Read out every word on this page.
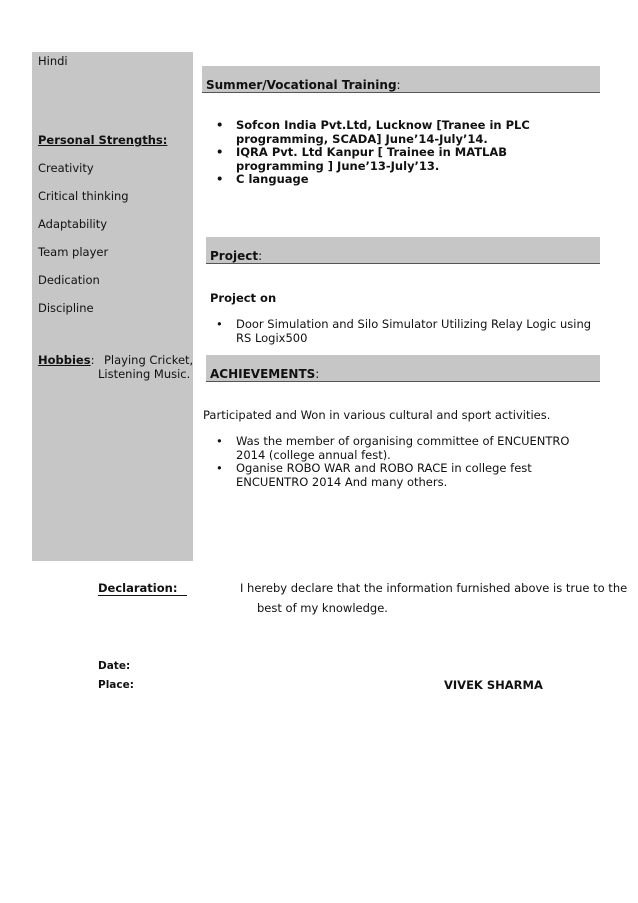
Hindi
Personal Strengths:
Creativity
Critical thinking
Adaptability
Team player
Dedication
Discipline
Hobbies: Playing Cricket,
Listening Music.
Summer/Vocational Training:
• Sofcon India Pvt.Ltd, Lucknow [Tranee in PLC programming, SCADA] June’14-July’14.
• IQRA Pvt. Ltd Kanpur [ Trainee in MATLAB programming ] June’13-July’13.
• C language
Project:
Project on
• Door Simulation and Silo Simulator Utilizing Relay Logic using RS Logix500
ACHIEVEMENTS:
Participated and Won in various cultural and sport activities.
• Was the member of organising committee of ENCUENTRO 2014 (college annual fest).
• Oganise ROBO WAR and ROBO RACE in college fest ENCUENTRO 2014 And many others.
Declaration:	I hereby declare that the information furnished above is true to the
best of my knowledge.
Date:
Place:	VIVEK SHARMA
